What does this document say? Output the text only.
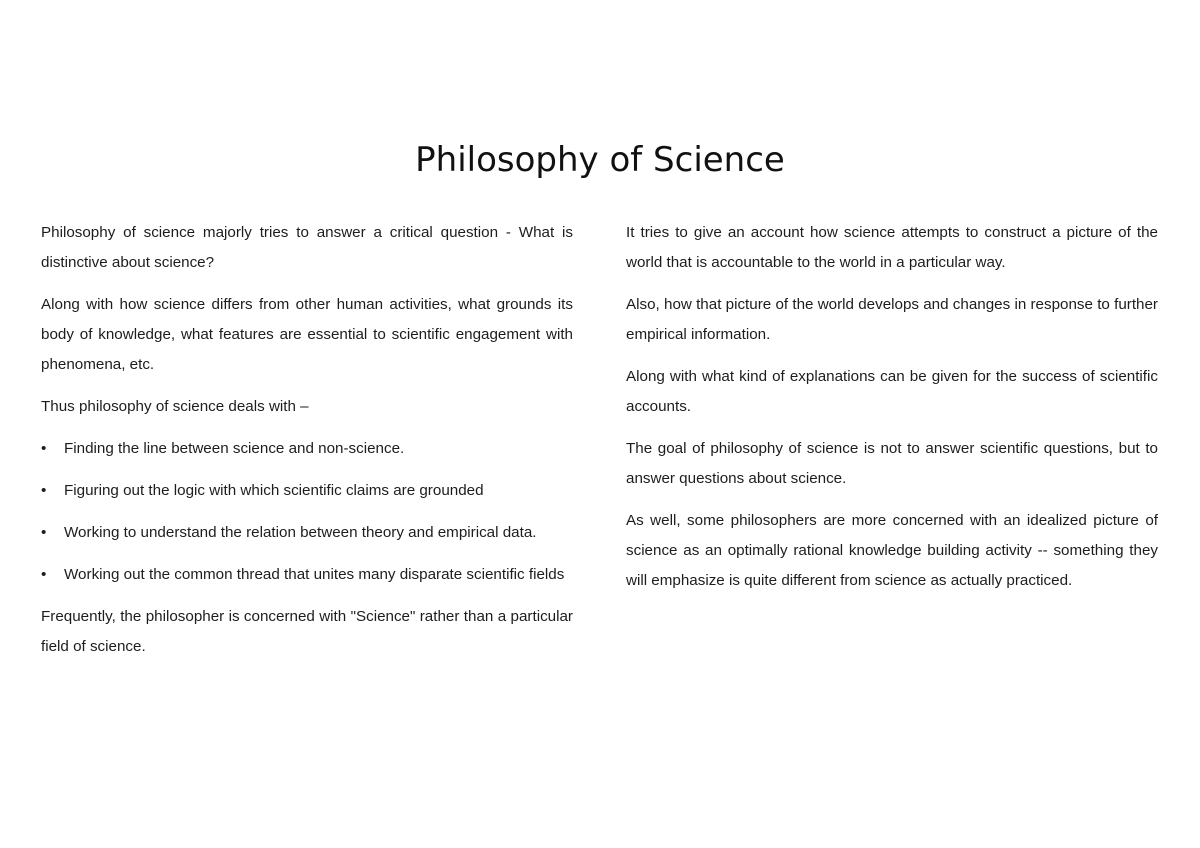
Philosophy of Science

Philosophy of science majorly tries to answer a critical question - What is distinctive about science?

Along with how science differs from other human activities, what grounds its body of knowledge, what features are essential to scientific engagement with phenomena, etc.

Thus philosophy of science deals with –

•	Finding the line between science and non-science.
•	Figuring out the logic with which scientific claims are grounded
•	Working to understand the relation between theory and empirical data.
•	Working out the common thread that unites many disparate scientific fields

Frequently, the philosopher is concerned with "Science" rather than a particular field of science.

It tries to give an account how science attempts to construct a picture of the world that is accountable to the world in a particular way.

Also, how that picture of the world develops and changes in response to further empirical information.

Along with what kind of explanations can be given for the success of scientific accounts.

The goal of philosophy of science is not to answer scientific questions, but to answer questions about science.

As well, some philosophers are more concerned with an idealized picture of science as an optimally rational knowledge building activity -- something they will emphasize is quite different from science as actually practiced.
